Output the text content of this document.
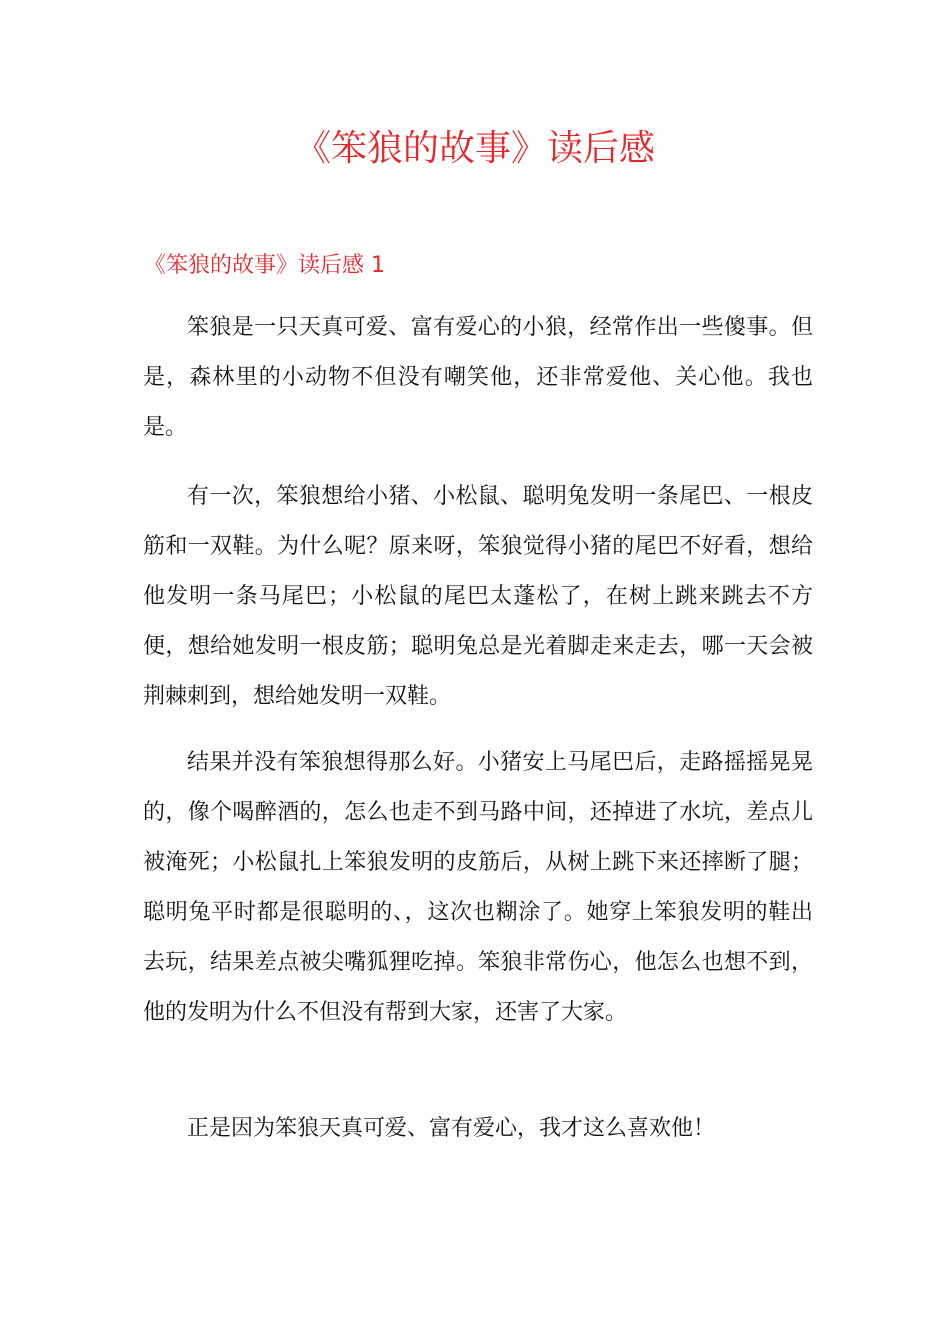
《笨狼的故事》读后感
《笨狼的故事》读后感 1

笨狼是一只天真可爱、富有爱心的小狼，经常作出一些傻事。但是，森林里的小动物不但没有嘲笑他，还非常爱他、关心他。我也是。

有一次，笨狼想给小猪、小松鼠、聪明兔发明一条尾巴、一根皮筋和一双鞋。为什么呢？原来呀，笨狼觉得小猪的尾巴不好看，想给他发明一条马尾巴；小松鼠的尾巴太蓬松了，在树上跳来跳去不方便，想给她发明一根皮筋；聪明兔总是光着脚走来走去，哪一天会被荆棘刺到，想给她发明一双鞋。

结果并没有笨狼想得那么好。小猪安上马尾巴后，走路摇摇晃晃的，像个喝醉酒的，怎么也走不到马路中间，还掉进了水坑，差点儿被淹死；小松鼠扎上笨狼发明的皮筋后，从树上跳下来还摔断了腿；聪明兔平时都是很聪明的、，这次也糊涂了。她穿上笨狼发明的鞋出去玩，结果差点被尖嘴狐狸吃掉。笨狼非常伤心，他怎么也想不到，他的发明为什么不但没有帮到大家，还害了大家。

正是因为笨狼天真可爱、富有爱心，我才这么喜欢他！
